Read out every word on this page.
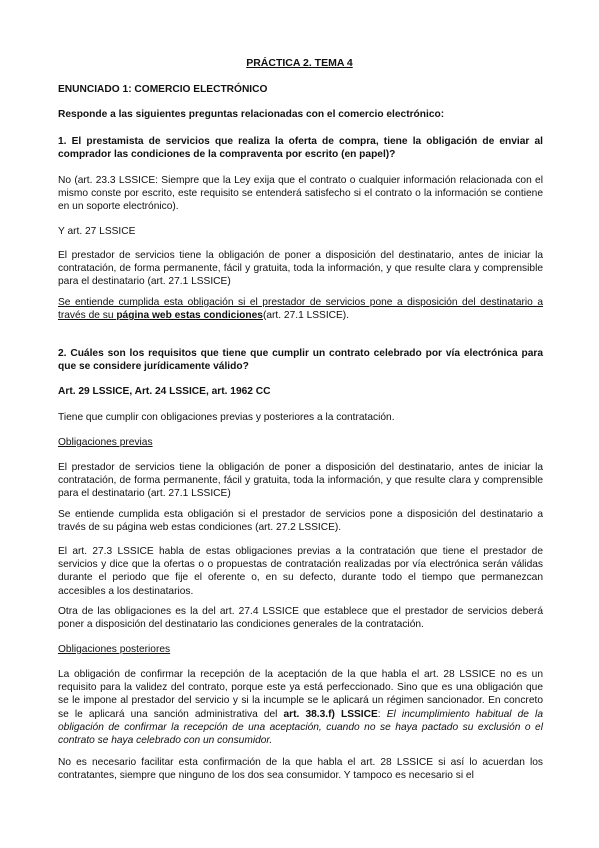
PRÁCTICA 2. TEMA 4

ENUNCIADO 1: COMERCIO ELECTRÓNICO

Responde a las siguientes preguntas relacionadas con el comercio electrónico:

1. El prestamista de servicios que realiza la oferta de compra, tiene la obligación de enviar al comprador las condiciones de la compraventa por escrito (en papel)?

No (art. 23.3 LSSICE: Siempre que la Ley exija que el contrato o cualquier información relacionada con el mismo conste por escrito, este requisito se entenderá satisfecho si el contrato o la información se contiene en un soporte electrónico).

Y art. 27 LSSICE

El prestador de servicios tiene la obligación de poner a disposición del destinatario, antes de iniciar la contratación, de forma permanente, fácil y gratuita, toda la información, y que resulte clara y comprensible para el destinatario (art. 27.1 LSSICE)

Se entiende cumplida esta obligación si el prestador de servicios pone a disposición del destinatario a través de su página web estas condiciones(art. 27.1 LSSICE).

2. Cuáles son los requisitos que tiene que cumplir un contrato celebrado por vía electrónica para que se considere jurídicamente válido?

Art. 29 LSSICE, Art. 24 LSSICE, art. 1962 CC

Tiene que cumplir con obligaciones previas y posteriores a la contratación.

Obligaciones previas

El prestador de servicios tiene la obligación de poner a disposición del destinatario, antes de iniciar la contratación, de forma permanente, fácil y gratuita, toda la información, y que resulte clara y comprensible para el destinatario (art. 27.1 LSSICE)

Se entiende cumplida esta obligación si el prestador de servicios pone a disposición del destinatario a través de su página web estas condiciones (art. 27.2 LSSICE).

El art. 27.3 LSSICE habla de estas obligaciones previas a la contratación que tiene el prestador de servicios y dice que la ofertas o o propuestas de contratación realizadas por vía electrónica serán válidas durante el periodo que fije el oferente o, en su defecto, durante todo el tiempo que permanezcan accesibles a los destinatarios.

Otra de las obligaciones es la del art. 27.4 LSSICE que establece que el prestador de servicios deberá poner a disposición del destinatario las condiciones generales de la contratación.

Obligaciones posteriores

La obligación de confirmar la recepción de la aceptación de la que habla el art. 28 LSSICE no es un requisito para la validez del contrato, porque este ya está perfeccionado. Sino que es una obligación que se le impone al prestador del servicio y si la incumple se le aplicará un régimen sancionador. En concreto se le aplicará una sanción administrativa del art. 38.3.f) LSSICE: El incumplimiento habitual de la obligación de confirmar la recepción de una aceptación, cuando no se haya pactado su exclusión o el contrato se haya celebrado con un consumidor.

No es necesario facilitar esta confirmación de la que habla el art. 28 LSSICE si así lo acuerdan los contratantes, siempre que ninguno de los dos sea consumidor. Y tampoco es necesario si el
